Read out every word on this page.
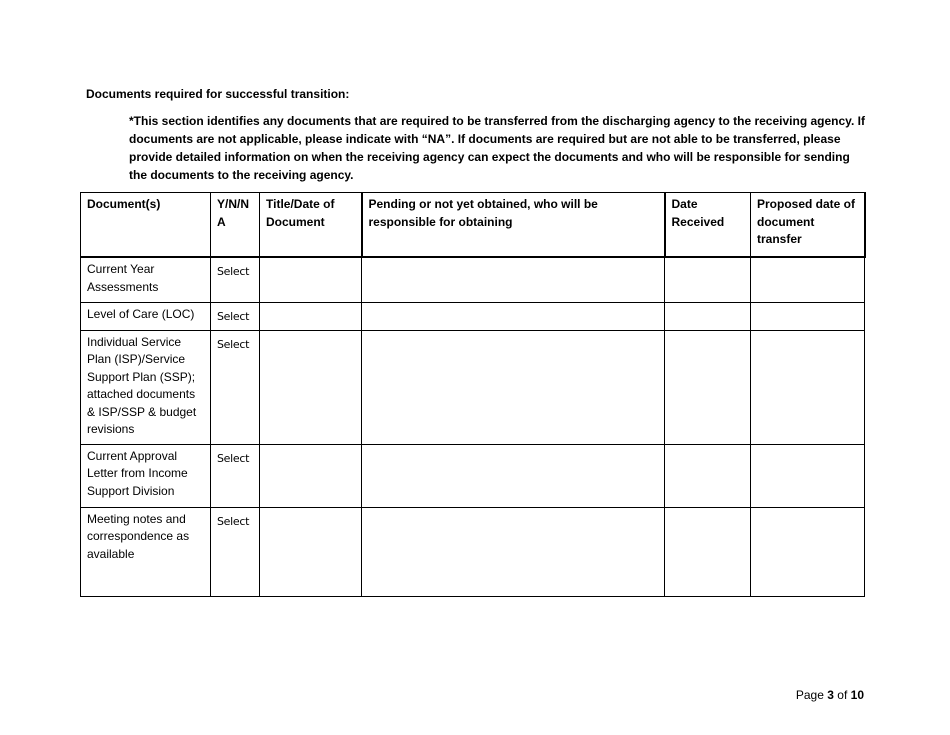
Documents required for successful transition:

*This section identifies any documents that are required to be transferred from the discharging agency to the receiving agency. If documents are not applicable, please indicate with “NA”. If documents are required but are not able to be transferred, please provide detailed information on when the receiving agency can expect the documents and who will be responsible for sending the documents to the receiving agency.

Document(s)	Y/N/N A	Title/Date of Document	Pending or not yet obtained, who will be responsible for obtaining	Date Received	Proposed date of document transfer
Current Year Assessments	Select				
Level of Care (LOC)	Select				
Individual Service Plan (ISP)/Service Support Plan (SSP); attached documents & ISP/SSP & budget revisions	Select				
Current Approval Letter from Income Support Division	Select				
Meeting notes and correspondence as available	Select				

Page 3 of 10
